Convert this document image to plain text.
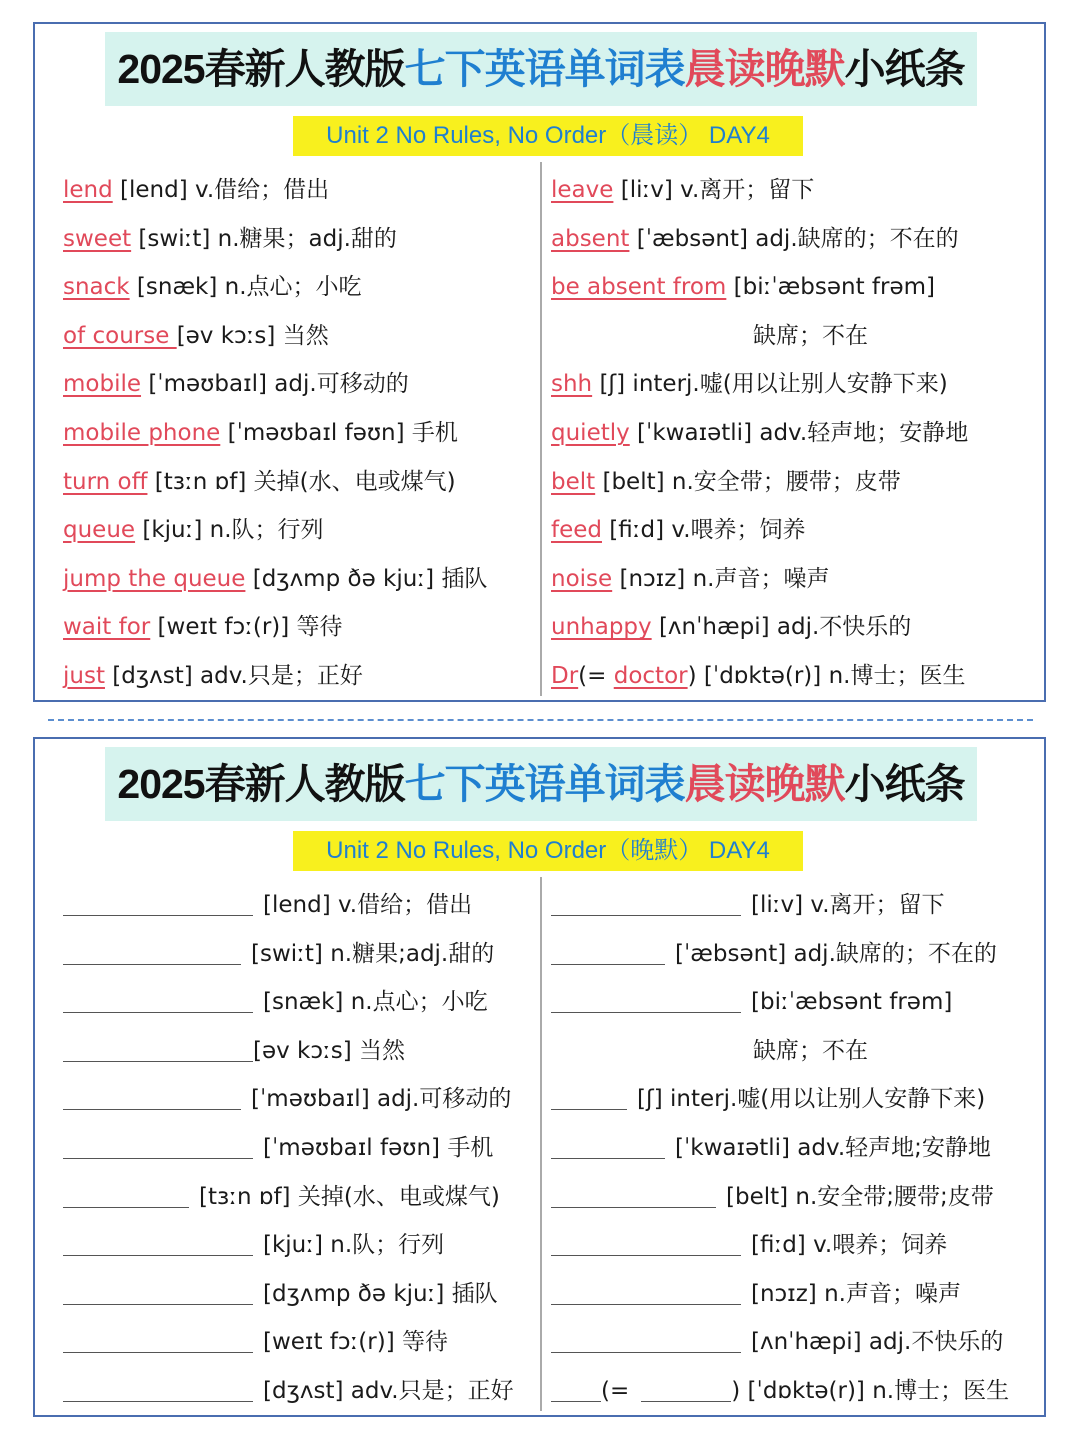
2025春新人教版七下英语单词表晨读晚默小纸条
Unit 2 No Rules, No Order（晨读） DAY4
lend [lend] v.借给；借出
sweet [swiːt] n.糖果；adj.甜的
snack [snæk] n.点心；小吃
of course [əv kɔːs] 当然
mobile [ˈməʊbaɪl] adj.可移动的
mobile phone [ˈməʊbaɪl fəʊn] 手机
turn off [tɜːn ɒf] 关掉(水、电或煤气)
queue [kjuː] n.队；行列
jump the queue [dʒʌmp ðə kjuː] 插队
wait for [weɪt fɔː(r)] 等待
just [dʒʌst] adv.只是；正好
leave [liːv] v.离开；留下
absent [ˈæbsənt] adj.缺席的；不在的
be absent from [biːˈæbsənt frəm]
缺席；不在
shh [ʃ] interj.嘘(用以让别人安静下来)
quietly [ˈkwaɪətli] adv.轻声地；安静地
belt [belt] n.安全带；腰带；皮带
feed [fiːd] v.喂养；饲养
noise [nɔɪz] n.声音；噪声
unhappy [ʌnˈhæpi] adj.不快乐的
Dr(= doctor) [ˈdɒktə(r)] n.博士；医生
2025春新人教版七下英语单词表晨读晚默小纸条
Unit 2 No Rules, No Order（晚默） DAY4
[lend] v.借给；借出
[swiːt] n.糖果;adj.甜的
[snæk] n.点心；小吃
[əv kɔːs] 当然
[ˈməʊbaɪl] adj.可移动的
[ˈməʊbaɪl fəʊn] 手机
[tɜːn ɒf] 关掉(水、电或煤气)
[kjuː] n.队；行列
[dʒʌmp ðə kjuː] 插队
[weɪt fɔː(r)] 等待
[dʒʌst] adv.只是；正好
[liːv] v.离开；留下
[ˈæbsənt] adj.缺席的；不在的
[biːˈæbsənt frəm]
缺席；不在
[ʃ] interj.嘘(用以让别人安静下来)
[ˈkwaɪətli] adv.轻声地;安静地
[belt] n.安全带;腰带;皮带
[fiːd] v.喂养；饲养
[nɔɪz] n.声音；噪声
[ʌnˈhæpi] adj.不快乐的
(=	) [ˈdɒktə(r)] n.博士；医生
